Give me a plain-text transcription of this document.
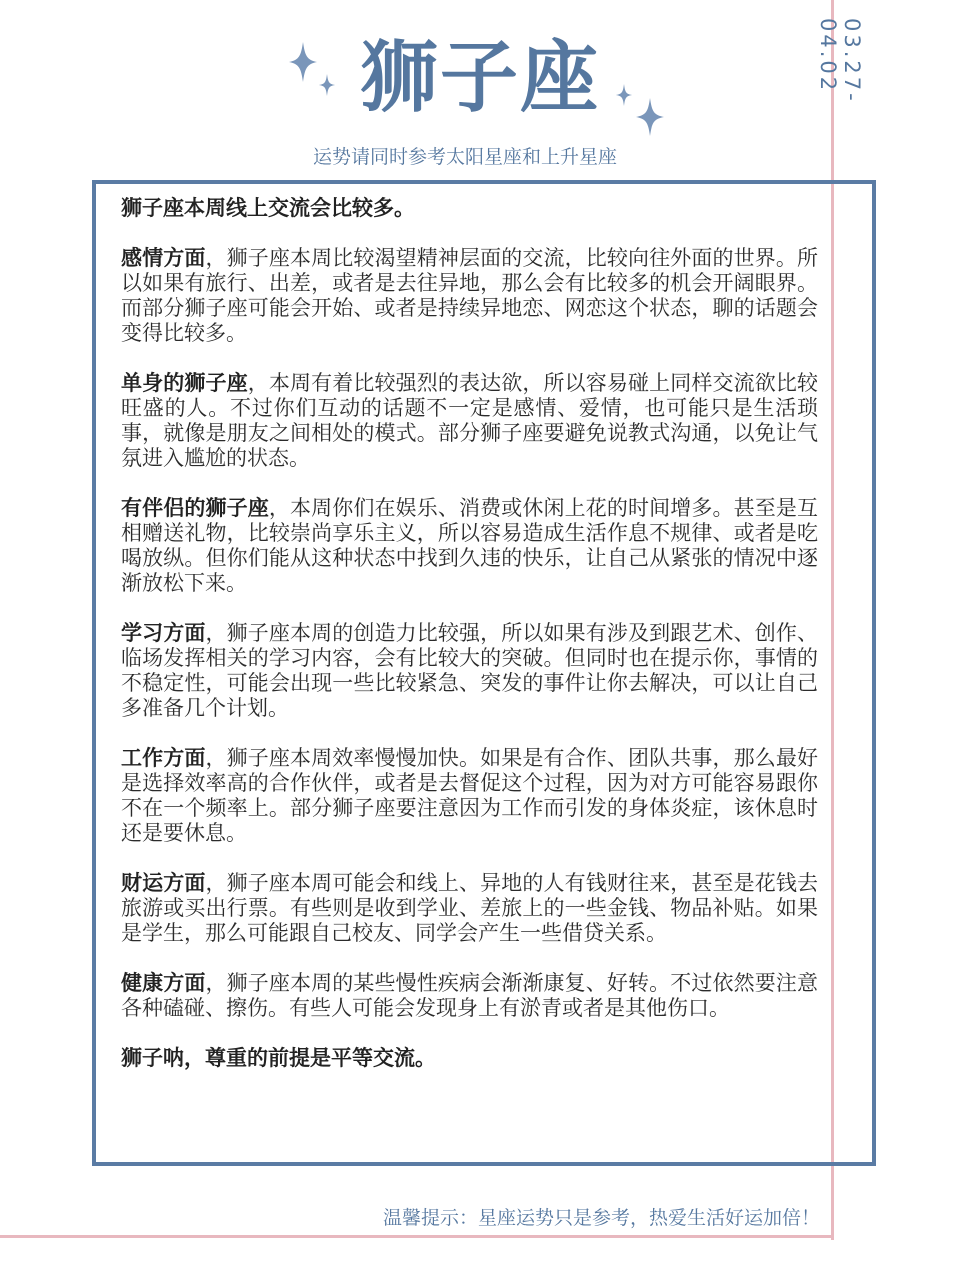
狮子座
运势请同时参考太阳星座和上升星座
03.27-04.02

狮子座本周线上交流会比较多。

感情方面，狮子座本周比较渴望精神层面的交流，比较向往外面的世界。所以如果有旅行、出差，或者是去往异地，那么会有比较多的机会开阔眼界。而部分狮子座可能会开始、或者是持续异地恋、网恋这个状态，聊的话题会变得比较多。

单身的狮子座，本周有着比较强烈的表达欲，所以容易碰上同样交流欲比较旺盛的人。不过你们互动的话题不一定是感情、爱情，也可能只是生活琐事，就像是朋友之间相处的模式。部分狮子座要避免说教式沟通，以免让气氛进入尴尬的状态。

有伴侣的狮子座，本周你们在娱乐、消费或休闲上花的时间增多。甚至是互相赠送礼物，比较崇尚享乐主义，所以容易造成生活作息不规律、或者是吃喝放纵。但你们能从这种状态中找到久违的快乐，让自己从紧张的情况中逐渐放松下来。

学习方面，狮子座本周的创造力比较强，所以如果有涉及到跟艺术、创作、临场发挥相关的学习内容，会有比较大的突破。但同时也在提示你，事情的不稳定性，可能会出现一些比较紧急、突发的事件让你去解决，可以让自己多准备几个计划。

工作方面，狮子座本周效率慢慢加快。如果是有合作、团队共事，那么最好是选择效率高的合作伙伴，或者是去督促这个过程，因为对方可能容易跟你不在一个频率上。部分狮子座要注意因为工作而引发的身体炎症，该休息时还是要休息。

财运方面，狮子座本周可能会和线上、异地的人有钱财往来，甚至是花钱去旅游或买出行票。有些则是收到学业、差旅上的一些金钱、物品补贴。如果是学生，那么可能跟自己校友、同学会产生一些借贷关系。

健康方面，狮子座本周的某些慢性疾病会渐渐康复、好转。不过依然要注意各种磕碰、擦伤。有些人可能会发现身上有淤青或者是其他伤口。

狮子呐，尊重的前提是平等交流。

温馨提示：星座运势只是参考，热爱生活好运加倍！
